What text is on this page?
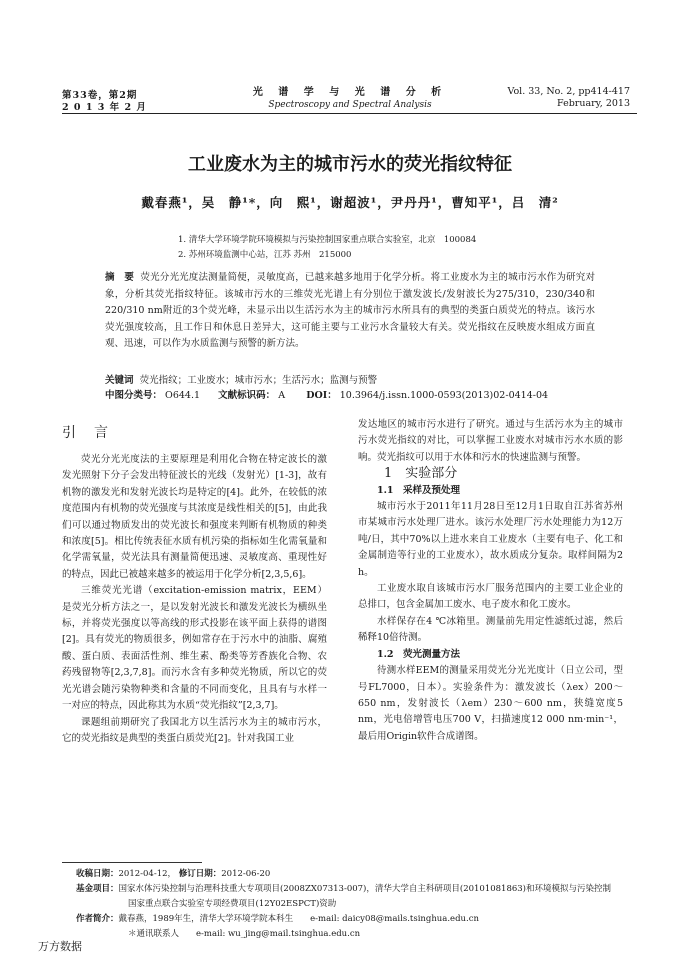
第33卷，第2期
2 0 1 3 年 2 月
光 谱 学 与 光 谱 分 析
Spectroscopy and Spectral Analysis
Vol. 33, No. 2, pp414-417
February, 2013
工业废水为主的城市污水的荧光指纹特征
戴春燕¹，吴　静¹*，向　熙¹，谢超波¹，尹丹丹¹，曹知平¹，吕　清²
1. 清华大学环境学院环境模拟与污染控制国家重点联合实验室，北京　100084
2. 苏州环境监测中心站，江苏 苏州　215000
摘　要 荧光分光光度法测量简便，灵敏度高，已越来越多地用于化学分析。将工业废水为主的城市污水作为研究对象，分析其荧光指纹特征。该城市污水的三维荧光光谱上有分别位于激发波长/发射波长为275/310，230/340和220/310 nm附近的3个荧光峰，未显示出以生活污水为主的城市污水所具有的典型的类蛋白质荧光的特点。该污水荧光强度较高，且工作日和休息日差异大，这可能主要与工业污水含量较大有关。荧光指纹在反映废水组成方面直观、迅速，可以作为水质监测与预警的新方法。
关键词 荧光指纹；工业废水；城市污水；生活污水；监测与预警
中图分类号： O644.1 文献标识码： A DOI： 10.3964/j.issn.1000-0593(2013)02-0414-04
引　言

荧光分光光度法的主要原理是利用化合物在特定波长的激发光照射下分子会发出特征波长的光线（发射光）[1-3]，故有机物的激发光和发射光波长均是特定的[4]。此外，在较低的浓度范围内有机物的荧光强度与其浓度是线性相关的[5]，由此我们可以通过物质发出的荧光波长和强度来判断有机物质的种类和浓度[5]。相比传统表征水质有机污染的指标如生化需氧量和化学需氧量，荧光法具有测量简便迅速、灵敏度高、重现性好的特点，因此已被越来越多的被运用于化学分析[2,3,5,6]。

三维荧光光谱（excitation-emission matrix，EEM）是荧光分析方法之一，是以发射光波长和激发光波长为横纵坐标，并将荧光强度以等高线的形式投影在该平面上获得的谱图[2]。具有荧光的物质很多，例如常存在于污水中的油脂、腐殖酸、蛋白质、表面活性剂、维生素、酚类等芳香族化合物、农药残留物等[2,3,7,8]。而污水含有多种荧光物质，所以它的荧光光谱会随污染物种类和含量的不同而变化，且具有与水样一一对应的特点，因此称其为水质“荧光指纹”[2,3,7]。

课题组前期研究了我国北方以生活污水为主的城市污水，它的荧光指纹是典型的类蛋白质荧光[2]。针对我国工业

发达地区的城市污水进行了研究。通过与生活污水为主的城市污水荧光指纹的对比，可以掌握工业废水对城市污水水质的影响。荧光指纹可以用于水体和污水的快速监测与预警。

1　实验部分

1.1　采样及预处理

城市污水于2011年11月28日至12月1日取自江苏省苏州市某城市污水处理厂进水。该污水处理厂污水处理能力为12万吨/日，其中70%以上进水来自工业废水（主要有电子、化工和金属制造等行业的工业废水），故水质成分复杂。取样间隔为2 h。

工业废水取自该城市污水厂服务范围内的主要工业企业的总排口，包含金属加工废水、电子废水和化工废水。

水样保存在4 ℃冰箱里。测量前先用定性滤纸过滤，然后稀释10倍待测。

1.2　荧光测量方法

待测水样EEM的测量采用荧光分光光度计（日立公司，型号FL7000，日本）。实验条件为：激发波长（λex）200～650 nm，发射波长（λem）230～600 nm，狭缝宽度5 nm，光电倍增管电压700 V，扫描速度12 000 nm·min⁻¹，最后用Origin软件合成谱图。

收稿日期：2012-04-12， 修订日期：2012-06-20
基金项目：国家水体污染控制与治理科技重大专项项目(2008ZX07313-007)，清华大学自主科研项目(20101081863)和环境模拟与污染控制
国家重点联合实验室专项经费项目(12Y02ESPCT)资助
作者简介：戴春燕，1989年生，清华大学环境学院本科生　　e-mail: daicy08@mails.tsinghua.edu.cn
＊通讯联系人　　e-mail: wu_jing@mail.tsinghua.edu.cn
万方数据
